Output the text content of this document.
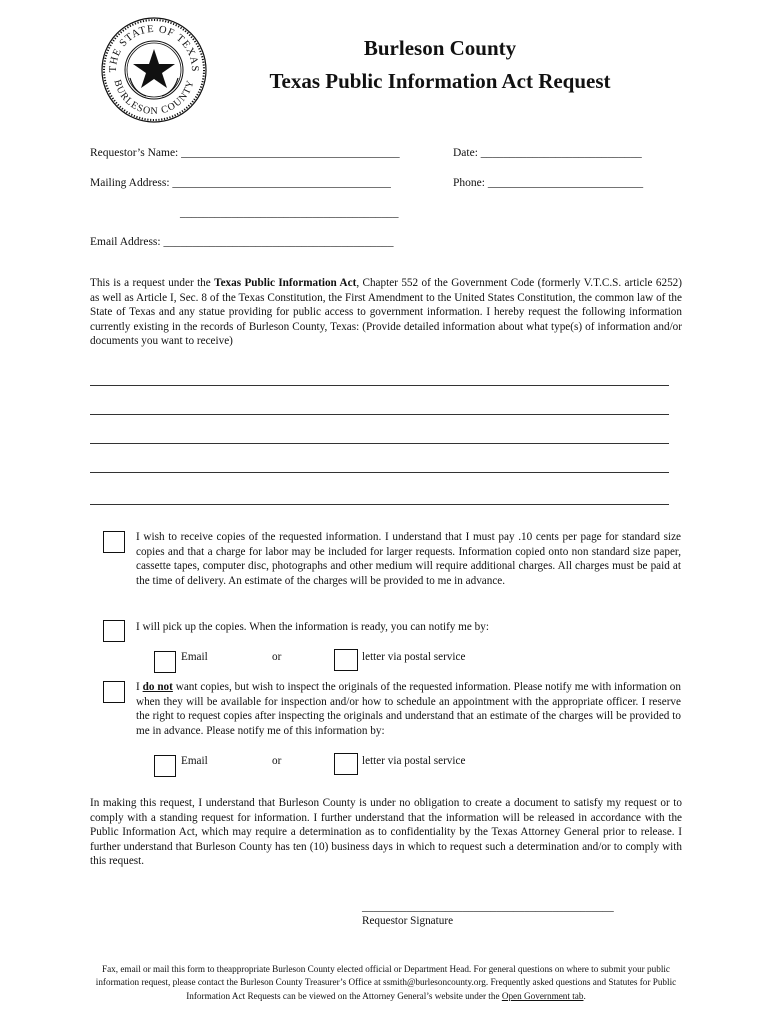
THE STATE OF TEXAS
BURLESON COUNTY
Burleson County
Texas Public Information Act Request
Requestor’s Name: ______________________________________	Date: ____________________________
Mailing Address: ______________________________________	Phone: ___________________________
______________________________________
Email Address: ________________________________________
This is a request under the Texas Public Information Act, Chapter 552 of the Government Code (formerly V.T.C.S. article 6252) as well as Article I, Sec. 8 of the Texas Constitution, the First Amendment to the United States Constitution, the common law of the State of Texas and any statue providing for public access to government information. I hereby request the following information currently existing in the records of Burleson County, Texas: (Provide detailed information about what type(s) of information and/or documents you want to receive)
I wish to receive copies of the requested information. I understand that I must pay .10 cents per page for standard size copies and that a charge for labor may be included for larger requests. Information copied onto non standard size paper, cassette tapes, computer disc, photographs and other medium will require additional charges. All charges must be paid at the time of delivery. An estimate of the charges will be provided to me in advance.
I will pick up the copies. When the information is ready, you can notify me by:
Email	or	letter via postal service
I do not want copies, but wish to inspect the originals of the requested information. Please notify me with information on when they will be available for inspection and/or how to schedule an appointment with the appropriate officer. I reserve the right to request copies after inspecting the originals and understand that an estimate of the charges will be provided to me in advance. Please notify me of this information by:
Email	or	letter via postal service
In making this request, I understand that Burleson County is under no obligation to create a document to satisfy my request or to comply with a standing request for information. I further understand that the information will be released in accordance with the Public Information Act, which may require a determination as to confidentiality by the Texas Attorney General prior to release. I further understand that Burleson County has ten (10) business days in which to request such a determination and/or to comply with this request.
_____________________________________________
Requestor Signature
Fax, email or mail this form to theappropriate Burleson County elected official or Department Head. For general questions on where to submit your public information request, please contact the Burleson County Treasurer’s Office at ssmith@burlesoncounty.org. Frequently asked questions and Statutes for Public Information Act Requests can be viewed on the Attorney General’s website under the Open Government tab.
